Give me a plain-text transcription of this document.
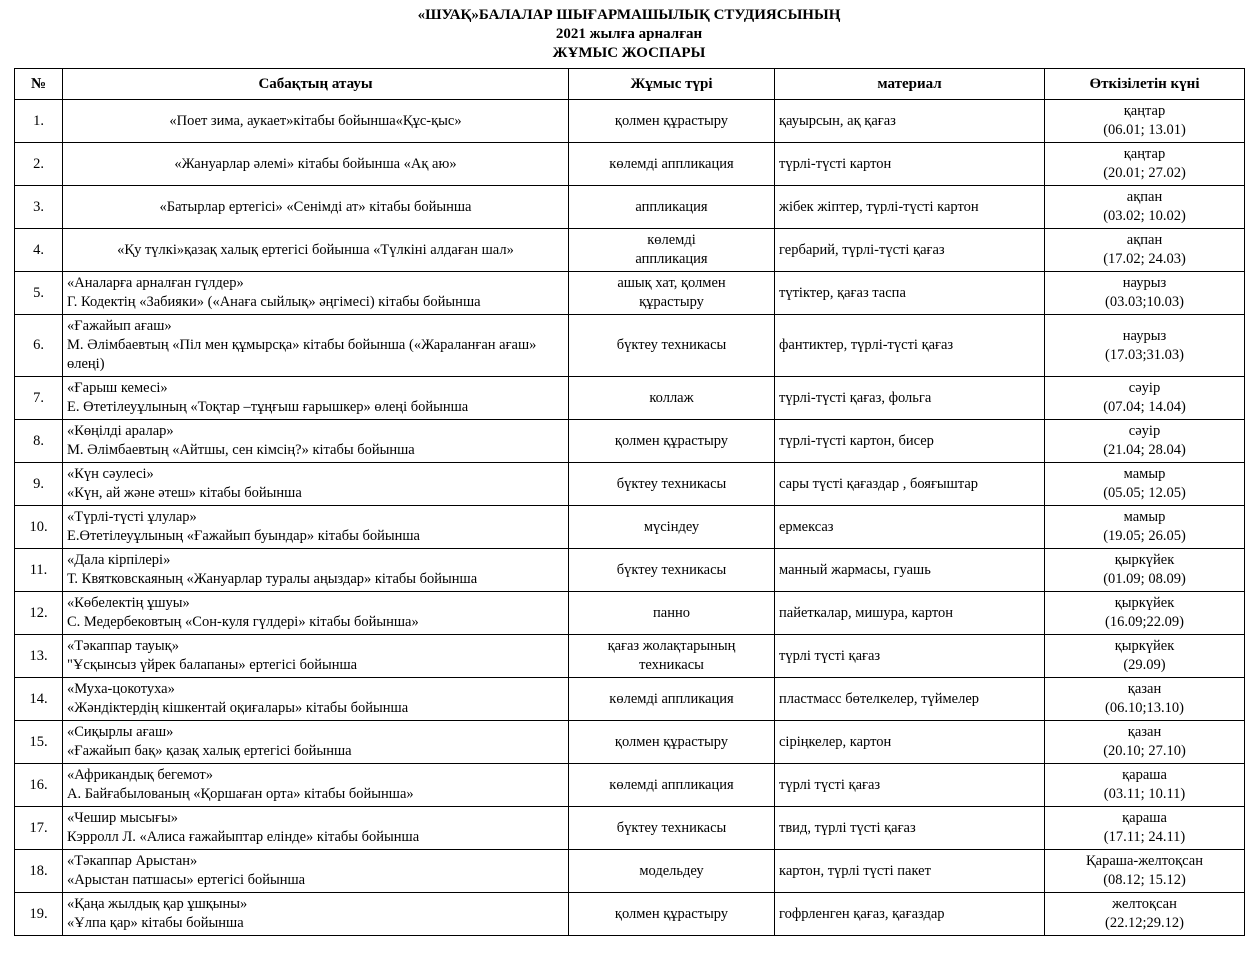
«ШУАҚ»БАЛАЛАР ШЫҒАРМАШЫЛЫҚ СТУДИЯСЫНЫҢ
2021 жылға арналған
ЖҰМЫС ЖОСПАРЫ
№	Сабақтың атауы	Жұмыс түрі	материал	Өткізілетін күні
1.	«Поет зима, аукает»кітабы бойынша«Құс-қыс»	қолмен құрастыру	қауырсын, ақ қағаз	қаңтар
(06.01; 13.01)

2.	«Жануарлар әлемі» кітабы бойынша «Ақ аю»	көлемді аппликация	түрлі-түсті картон	қаңтар
(20.01; 27.02)

3.	«Батырлар ертегісі» «Сенімді ат» кітабы бойынша	аппликация	жібек жіптер, түрлі-түсті картон	ақпан
(03.02; 10.02)

4.	«Қу түлкі»қазақ халық ертегісі бойынша «Түлкіні алдаған шал»	көлемді
аппликация	гербарий, түрлі-түсті қағаз	ақпан
(17.02; 24.03)

5.	«Аналарға арналған гүлдер»
Г. Кодектің «Забияки» («Анаға сыйлық» әңгімесі) кітабы бойынша	ашық хат, қолмен
құрастыру	түтіктер, қағаз таспа	наурыз
(03.03;10.03)

6.	«Ғажайып ағаш»
М. Әлімбаевтың «Піл мен құмырсқа» кітабы бойынша («Жараланған ағаш» өлеңі)	бүктеу техникасы	фантиктер, түрлі-түсті қағаз	наурыз
(17.03;31.03)

7.	«Ғарыш кемесі»
Е. Өтетілеуұлының «Тоқтар –тұңғыш ғарышкер» өлеңі бойынша	коллаж	түрлі-түсті қағаз, фольга	сәуір
(07.04; 14.04)

8.	«Көңілді аралар»
М. Әлімбаевтың «Айтшы, сен кімсің?» кітабы бойынша	қолмен құрастыру	түрлі-түсті картон, бисер	сәуір
(21.04; 28.04)

9.	«Күн сәулесі»
«Күн, ай және әтеш» кітабы бойынша	бүктеу техникасы	сары түсті қағаздар , бояғыштар	мамыр
(05.05; 12.05)

10.	«Түрлі-түсті ұлулар»
Е.Өтетілеуұлының «Ғажайып буындар» кітабы бойынша	мүсіндеу	ермексаз	мамыр
(19.05; 26.05)

11.	«Дала кірпілері»
Т. Квятковскаяның «Жануарлар туралы аңыздар» кітабы бойынша	бүктеу техникасы	манный жармасы, гуашь	қыркүйек
(01.09; 08.09)

12.	«Көбелектің ұшуы»
С. Медербековтың «Сон-куля гүлдері» кітабы бойынша»	панно	пайеткалар, мишура, картон	қыркүйек
(16.09;22.09)

13.	«Тәкаппар тауық»
"Ұсқынсыз үйрек балапаны» ертегісі бойынша	қағаз жолақтарының
техникасы	түрлі түсті қағаз	қыркүйек
(29.09)

14.	«Муха-цокотуха»
«Жәндіктердің кішкентай оқиғалары» кітабы бойынша	көлемді аппликация	пластмасс бөтелкелер, түймелер	қазан
(06.10;13.10)

15.	«Сиқырлы ағаш»
«Ғажайып бақ» қазақ халық ертегісі бойынша	қолмен құрастыру	сіріңкелер, картон	қазан
(20.10; 27.10)

16.	«Африкандық бегемот»
А. Байғабылованың «Қоршаған орта» кітабы бойынша»	көлемді аппликация	түрлі түсті қағаз	қараша
(03.11; 10.11)

17.	«Чешир мысығы»
Кэрролл Л. «Алиса ғажайыптар елінде» кітабы бойынша	бүктеу техникасы	твид, түрлі түсті қағаз	қараша
(17.11; 24.11)

18.	«Тәкаппар Арыстан»
«Арыстан патшасы» ертегісі бойынша	модельдеу	картон, түрлі түсті пакет	Қараша-желтоқсан
(08.12; 15.12)

19.	«Қаңа жылдық қар ұшқыны»
«Ұлпа қар» кітабы бойынша	қолмен құрастыру	гофрленген қағаз, қағаздар	желтоқсан
(22.12;29.12)
